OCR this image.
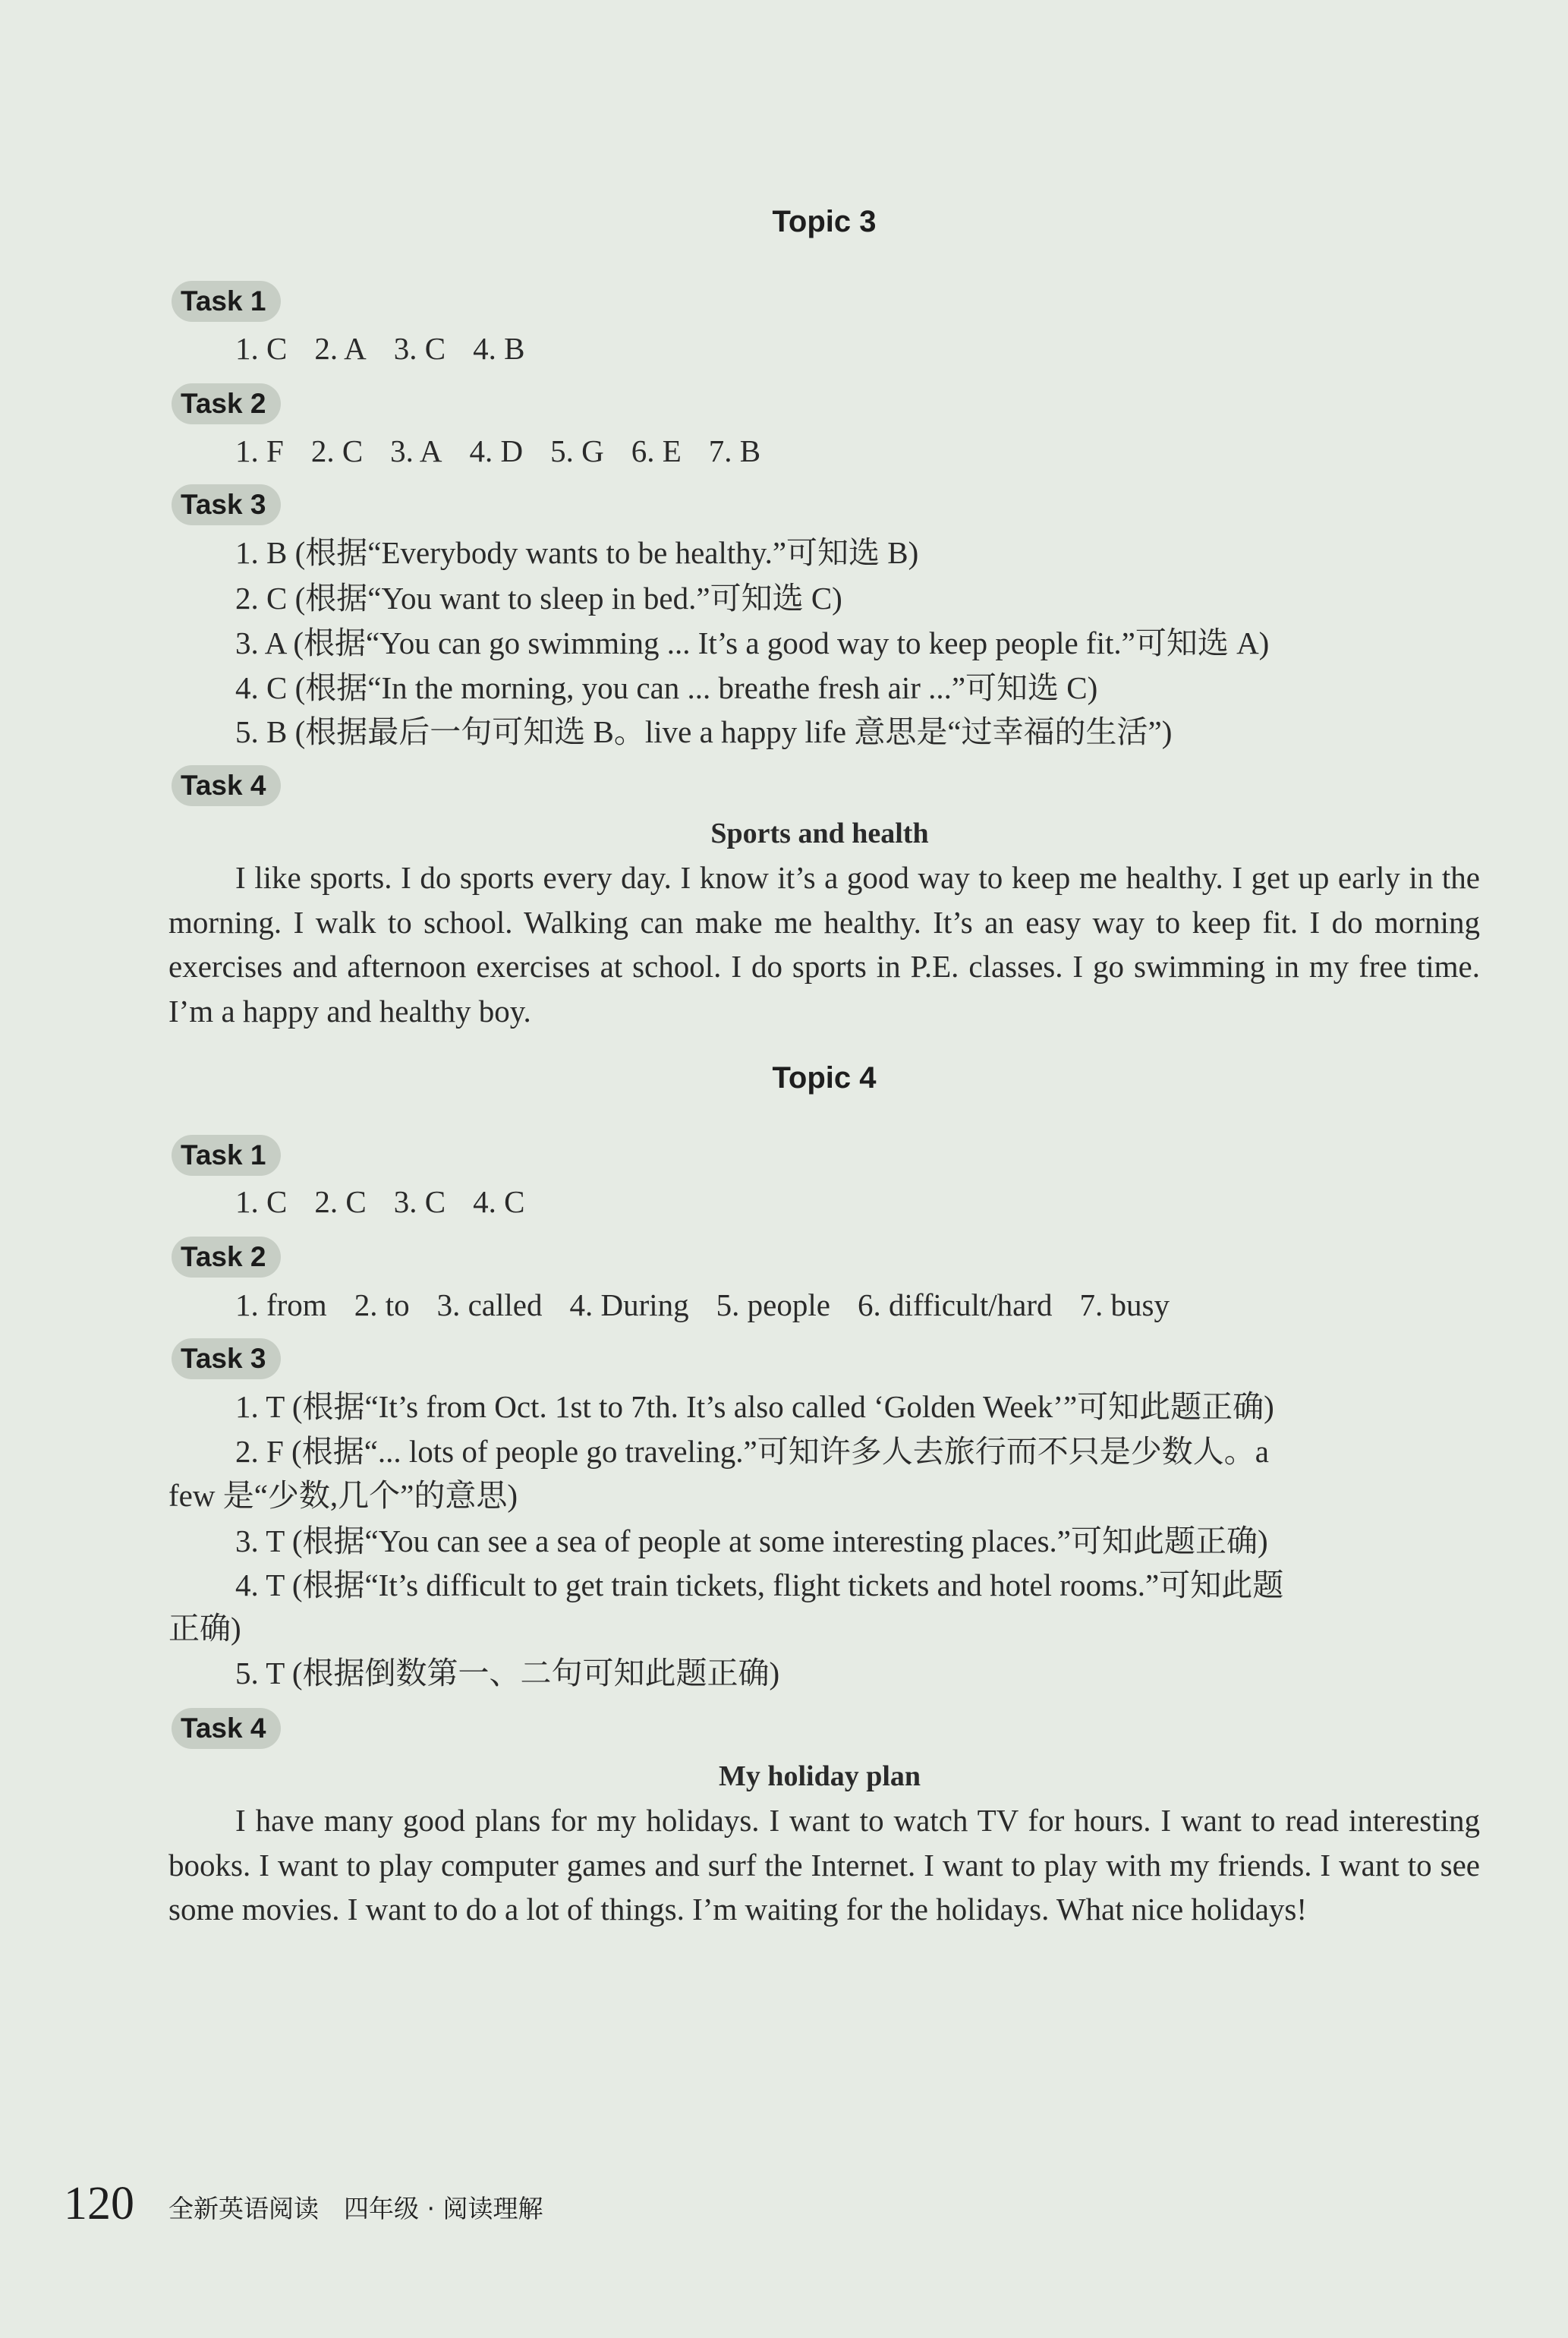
Topic 3
Task 1
1. C 2. A 3. C 4. B
Task 2
1. F 2. C 3. A 4. D 5. G 6. E 7. B
Task 3
1. B (根据“Everybody wants to be healthy.”可知选 B)
2. C (根据“You want to sleep in bed.”可知选 C)
3. A (根据“You can go swimming ... It’s a good way to keep people fit.”可知选 A)
4. C (根据“In the morning, you can ... breathe fresh air ...”可知选 C)
5. B (根据最后一句可知选 B。live a happy life 意思是“过幸福的生活”)
Task 4
Sports and health
I like sports. I do sports every day. I know it’s a good way to keep me healthy. I get up early in the morning. I walk to school. Walking can make me healthy. It’s an easy way to keep fit. I do morning exercises and afternoon exercises at school. I do sports in P.E. classes. I go swimming in my free time. I’m a happy and healthy boy.
Topic 4
Task 1
1. C 2. C 3. C 4. C
Task 2
1. from 2. to 3. called 4. During 5. people 6. difficult/hard 7. busy
Task 3
1. T (根据“It’s from Oct. 1st to 7th. It’s also called ‘Golden Week’”可知此题正确)
2. F (根据“... lots of people go traveling.”可知许多人去旅行而不只是少数人。a
few 是“少数,几个”的意思)
3. T (根据“You can see a sea of people at some interesting places.”可知此题正确)
4. T (根据“It’s difficult to get train tickets, flight tickets and hotel rooms.”可知此题
正确)
5. T (根据倒数第一、二句可知此题正确)
Task 4
My holiday plan
I have many good plans for my holidays. I want to watch TV for hours. I want to read interesting books. I want to play computer games and surf the Internet. I want to play with my friends. I want to see some movies. I want to do a lot of things. I’m waiting for the holidays. What nice holidays!
120 全新英语阅读　四年级 · 阅读理解
